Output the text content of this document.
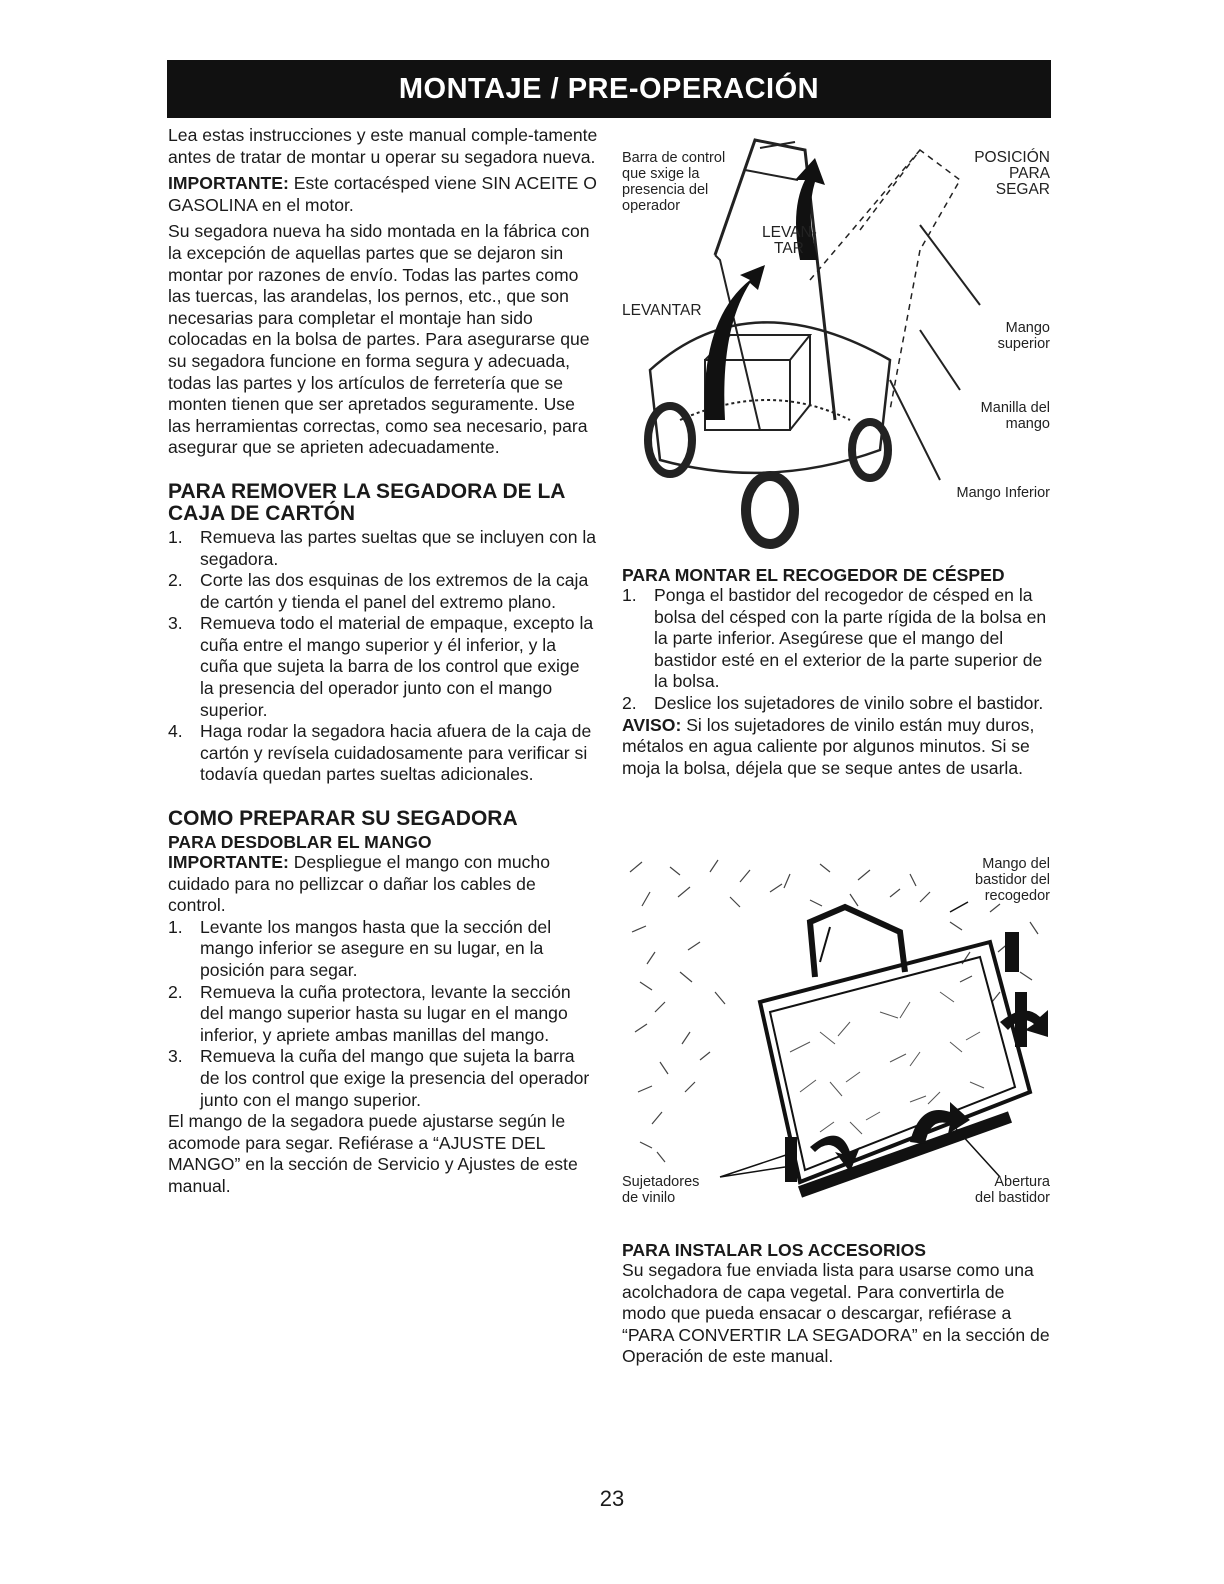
MONTAJE / PRE-OPERACIÓN

Lea estas instrucciones y este manual comple-tamente antes de tratar de montar u operar su segadora nueva.

IMPORTANTE: Este cortacésped viene SIN ACEITE O GASOLINA en el motor.

Su segadora nueva ha sido montada en la fábrica con la excepción de aquellas partes que se dejaron sin montar por razones de envío. Todas las partes como las tuercas, las arandelas, los pernos, etc., que son necesarias para completar el montaje han sido colocadas en la bolsa de partes. Para asegurarse que su segadora funcione en forma segura y adecuada, todas las partes y los artículos de ferretería que se monten tienen que ser apretados seguramente. Use las herramientas correctas, como sea necesario, para asegurar que se aprieten adecuadamente.

PARA REMOVER LA SEGADORA DE LA CAJA DE CARTÓN
1. Remueva las partes sueltas que se incluyen con la segadora.
2. Corte las dos esquinas de los extremos de la caja de cartón y tienda el panel del extremo plano.
3. Remueva todo el material de empaque, excepto la cuña entre el mango superior y él inferior, y la cuña que sujeta la barra de los control que exige la presencia del operador junto con el mango superior.
4. Haga rodar la segadora hacia afuera de la caja de cartón y revísela cuidadosamente para verificar si todavía quedan partes sueltas adicionales.
COMO PREPARAR SU SEGADORA
PARA DESDOBLAR EL MANGO

IMPORTANTE: Despliegue el mango con mucho cuidado para no pellizcar o dañar los cables de control.

1. Levante los mangos hasta que la sección del mango inferior se asegure en su lugar, en la posición para segar.
2. Remueva la cuña protectora, levante la sección del mango superior hasta su lugar en el mango inferior, y apriete ambas manillas del mango.
3. Remueva la cuña del mango que sujeta la barra de los control que exige la presencia del operador junto con el mango superior.

El mango de la segadora puede ajustarse según le acomode para segar. Refiérase a “AJUSTE DEL MANGO” en la sección de Servicio y Ajustes de este manual.

Barra de control
que sxige la
presencia del
operador
LEVAN-
TAR
LEVANTAR
POSICIÓN
PARA
SEGAR
Mango
superior
Manilla del
mango
Mango Inferior
PARA MONTAR EL RECOGEDOR DE CÉSPED
1. Ponga el bastidor del recogedor de césped en la bolsa del césped con la parte rígida de la bolsa en la parte inferior. Asegúrese que el mango del bastidor esté en el exterior de la parte superior de la bolsa.
2. Deslice los sujetadores de vinilo sobre el bastidor.

AVISO: Si los sujetadores de vinilo están muy duros, métalos en agua caliente por algunos minutos. Si se moja la bolsa, déjela que se seque antes de usarla.

Mango del
bastidor del
recogedor
Sujetadores
de vinilo
Abertura
del bastidor
PARA INSTALAR LOS ACCESORIOS

Su segadora fue enviada lista para usarse como una acolchadora de capa vegetal. Para convertirla de modo que pueda ensacar o descargar, refiérase a “PARA CONVERTIR LA SEGADORA” en la sección de Operación de este manual.

23
